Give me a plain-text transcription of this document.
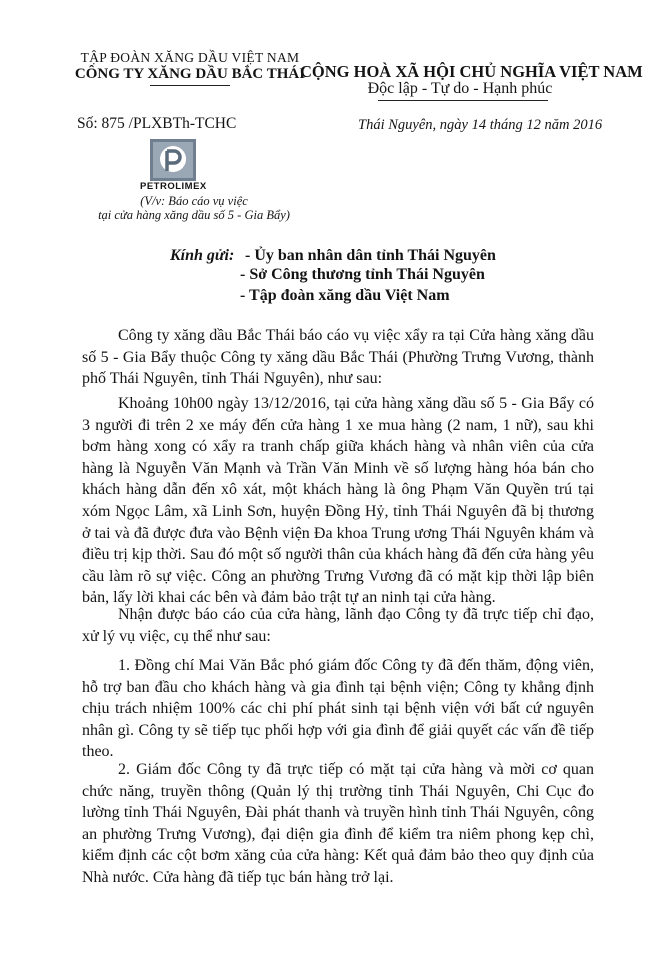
TẬP ĐOÀN XĂNG DẦU VIỆT NAM
CÔNG TY XĂNG DẦU BẮC THÁI
CỘNG HOÀ XÃ HỘI CHỦ NGHĨA VIỆT NAM
Độc lập - Tự do - Hạnh phúc
Số: 875 /PLXBTh-TCHC	Thái Nguyên, ngày 14 tháng 12 năm 2016
PETROLIMEX
(V/v: Báo cáo vụ việc
tại cửa hàng xăng dầu số 5 - Gia Bẩy)
Kính gửi: - Ủy ban nhân dân tỉnh Thái Nguyên
- Sở Công thương tỉnh Thái Nguyên
- Tập đoàn xăng dầu Việt Nam

Công ty xăng dầu Bắc Thái báo cáo vụ việc xẩy ra tại Cửa hàng xăng dầu số 5 - Gia Bẩy thuộc Công ty xăng dầu Bắc Thái (Phường Trưng Vương, thành phố Thái Nguyên, tỉnh Thái Nguyên), như sau:

Khoảng 10h00 ngày 13/12/2016, tại cửa hàng xăng dầu số 5 - Gia Bẩy có 3 người đi trên 2 xe máy đến cửa hàng 1 xe mua hàng (2 nam, 1 nữ), sau khi bơm hàng xong có xẩy ra tranh chấp giữa khách hàng và nhân viên của cửa hàng là Nguyễn Văn Mạnh và Trần Văn Minh về số lượng hàng hóa bán cho khách hàng dẫn đến xô xát, một khách hàng là ông Phạm Văn Quyền trú tại xóm Ngọc Lâm, xã Linh Sơn, huyện Đồng Hỷ, tỉnh Thái Nguyên đã bị thương ở tai và đã được đưa vào Bệnh viện Đa khoa Trung ương Thái Nguyên khám và điều trị kịp thời. Sau đó một số người thân của khách hàng đã đến cửa hàng yêu cầu làm rõ sự việc. Công an phường Trưng Vương đã có mặt kịp thời lập biên bản, lấy lời khai các bên và đảm bảo trật tự an ninh tại cửa hàng.

Nhận được báo cáo của cửa hàng, lãnh đạo Công ty đã trực tiếp chỉ đạo, xử lý vụ việc, cụ thể như sau:

1. Đồng chí Mai Văn Bắc phó giám đốc Công ty đã đến thăm, động viên, hỗ trợ ban đầu cho khách hàng và gia đình tại bệnh viện; Công ty khẳng định chịu trách nhiệm 100% các chi phí phát sinh tại bệnh viện với bất cứ nguyên nhân gì. Công ty sẽ tiếp tục phối hợp với gia đình để giải quyết các vấn đề tiếp theo.

2. Giám đốc Công ty đã trực tiếp có mặt tại cửa hàng và mời cơ quan chức năng, truyền thông (Quản lý thị trường tỉnh Thái Nguyên, Chi Cục đo lường tỉnh Thái Nguyên, Đài phát thanh và truyền hình tỉnh Thái Nguyên, công an phường Trưng Vương), đại diện gia đình để kiểm tra niêm phong kẹp chì, kiểm định các cột bơm xăng của cửa hàng: Kết quả đảm bảo theo quy định của Nhà nước. Cửa hàng đã tiếp tục bán hàng trở lại.
